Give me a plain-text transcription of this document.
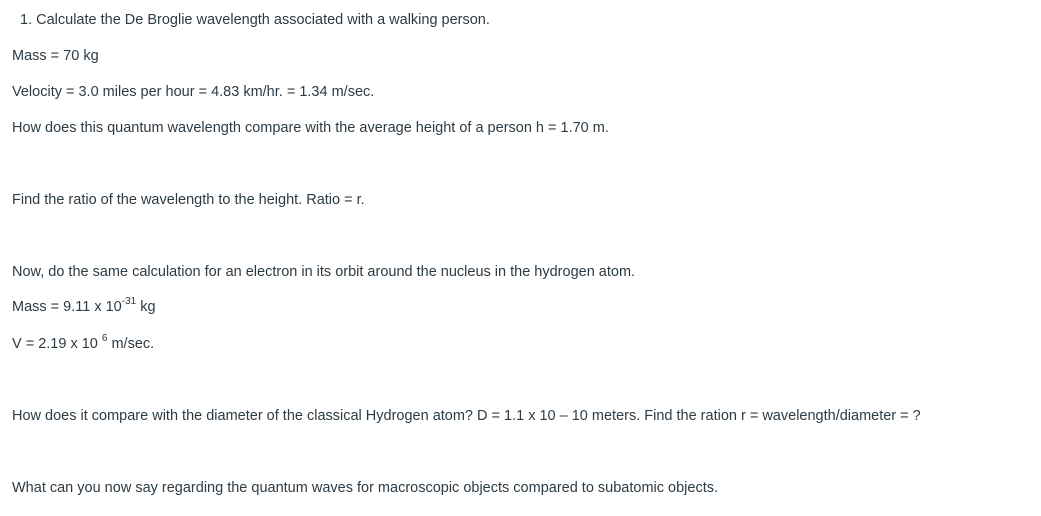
1. Calculate the De Broglie wavelength associated with a walking person.
Mass = 70 kg
Velocity = 3.0 miles per hour = 4.83 km/hr. = 1.34 m/sec.
How does this quantum wavelength compare with the average height of a person h = 1.70 m.
Find the ratio of the wavelength to the height. Ratio = r.
Now, do the same calculation for an electron in its orbit around the nucleus in the hydrogen atom.
Mass = 9.11 x $10^{-31}$ kg
V = 2.19 x 10 $^6$ m/sec.
How does it compare with the diameter of the classical Hydrogen atom? D = 1.1 x 10 – 10 meters. Find the ration r = wavelength/diameter = ?
What can you now say regarding the quantum waves for macroscopic objects compared to subatomic objects.
